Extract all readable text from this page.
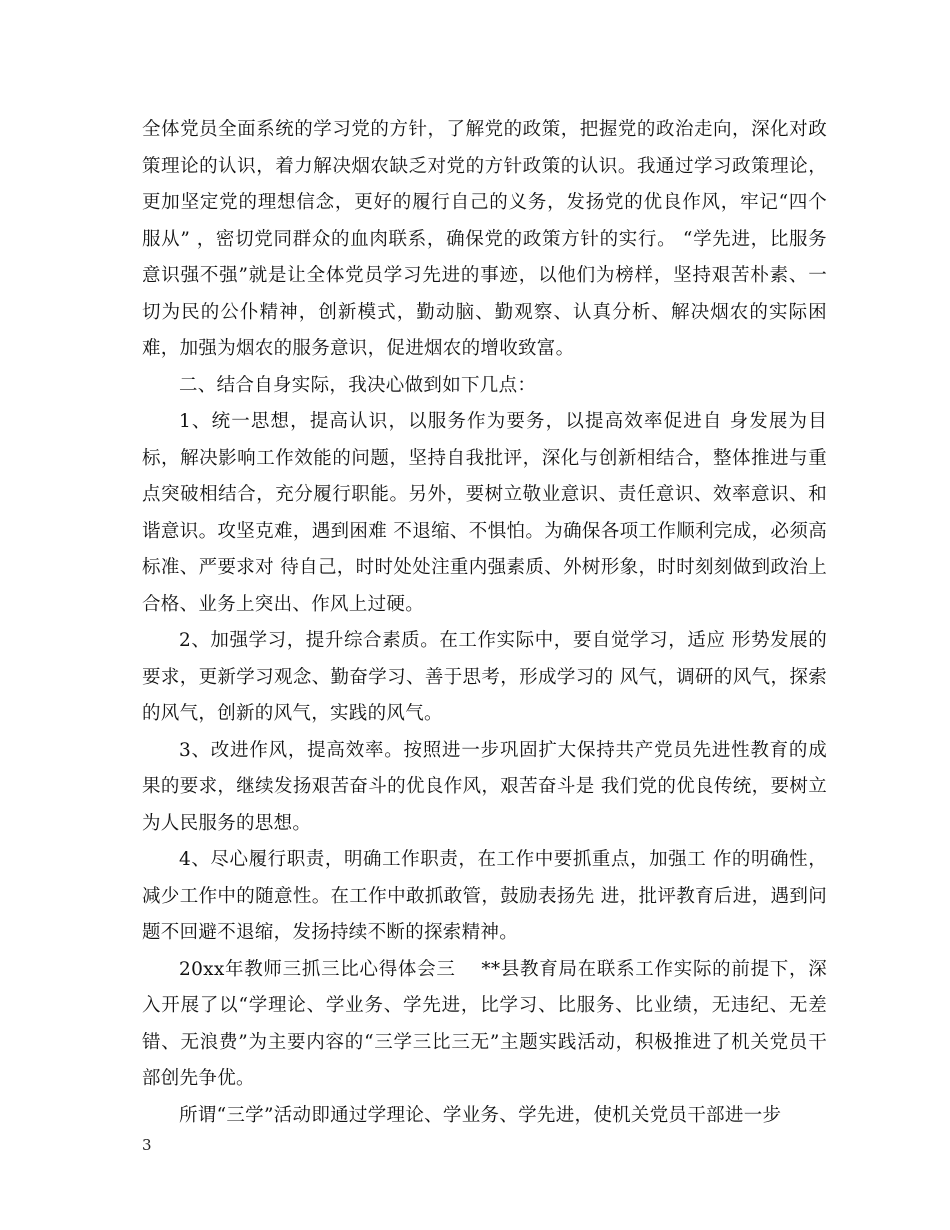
全体党员全面系统的学习党的方针，了解党的政策，把握党的政治走向，深化对政策理论的认识，着力解决烟农缺乏对党的方针政策的认识。我通过学习政策理论，更加坚定党的理想信念，更好的履行自己的义务，发扬党的优良作风，牢记“四个服从” ，密切党同群众的血肉联系，确保党的政策方针的实行。 “学先进，比服务意识强不强”就是让全体党员学习先进的事迹，以他们为榜样，坚持艰苦朴素、一切为民的公仆精神，创新模式，勤动脑、勤观察、认真分析、解决烟农的实际困难，加强为烟农的服务意识，促进烟农的增收致富。

二、结合自身实际，我决心做到如下几点：

1、统一思想，提高认识，以服务作为要务，以提高效率促进自 身发展为目标，解决影响工作效能的问题，坚持自我批评，深化与创新相结合，整体推进与重点突破相结合，充分履行职能。另外，要树立敬业意识、责任意识、效率意识、和谐意识。攻坚克难，遇到困难 不退缩、不惧怕。为确保各项工作顺利完成，必须高标准、严要求对 待自己，时时处处注重内强素质、外树形象，时时刻刻做到政治上合格、业务上突出、作风上过硬。

2、加强学习，提升综合素质。在工作实际中，要自觉学习，适应 形势发展的要求，更新学习观念、勤奋学习、善于思考，形成学习的 风气，调研的风气，探索的风气，创新的风气，实践的风气。

3、改进作风，提高效率。按照进一步巩固扩大保持共产党员先进性教育的成果的要求，继续发扬艰苦奋斗的优良作风，艰苦奋斗是 我们党的优良传统，要树立为人民服务的思想。

4、尽心履行职责，明确工作职责，在工作中要抓重点，加强工 作的明确性，减少工作中的随意性。在工作中敢抓敢管，鼓励表扬先 进，批评教育后进，遇到问题不回避不退缩，发扬持续不断的探索精神。

20xx年教师三抓三比心得体会三　 **县教育局在联系工作实际的前提下，深入开展了以“学理论、学业务、学先进，比学习、比服务、比业绩，无违纪、无差错、无浪费”为主要内容的“三学三比三无”主题实践活动，积极推进了机关党员干部创先争优。

所谓“三学”活动即通过学理论、学业务、学先进，使机关党员干部进一步

3
